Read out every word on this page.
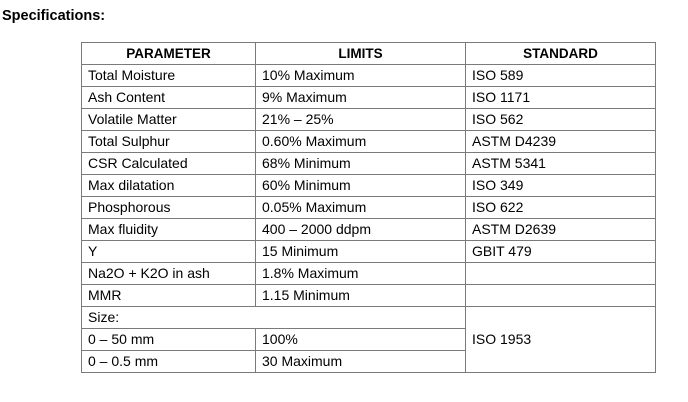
Specifications:
PARAMETER	LIMITS	STANDARD
Total Moisture	10% Maximum	ISO 589
Ash Content	9% Maximum	ISO 1171
Volatile Matter	21% – 25%	ISO 562
Total Sulphur	0.60% Maximum	ASTM D4239
CSR Calculated	68% Minimum	ASTM 5341
Max dilatation	60% Minimum	ISO 349
Phosphorous	0.05% Maximum	ISO 622
Max fluidity	400 – 2000 ddpm	ASTM D2639
Y	15 Minimum	GBIT 479
Na2O + K2O in ash	1.8% Maximum	
MMR	1.15 Minimum	
Size:		ISO 1953
0 – 50 mm	100%	
0 – 0.5 mm	30 Maximum	
